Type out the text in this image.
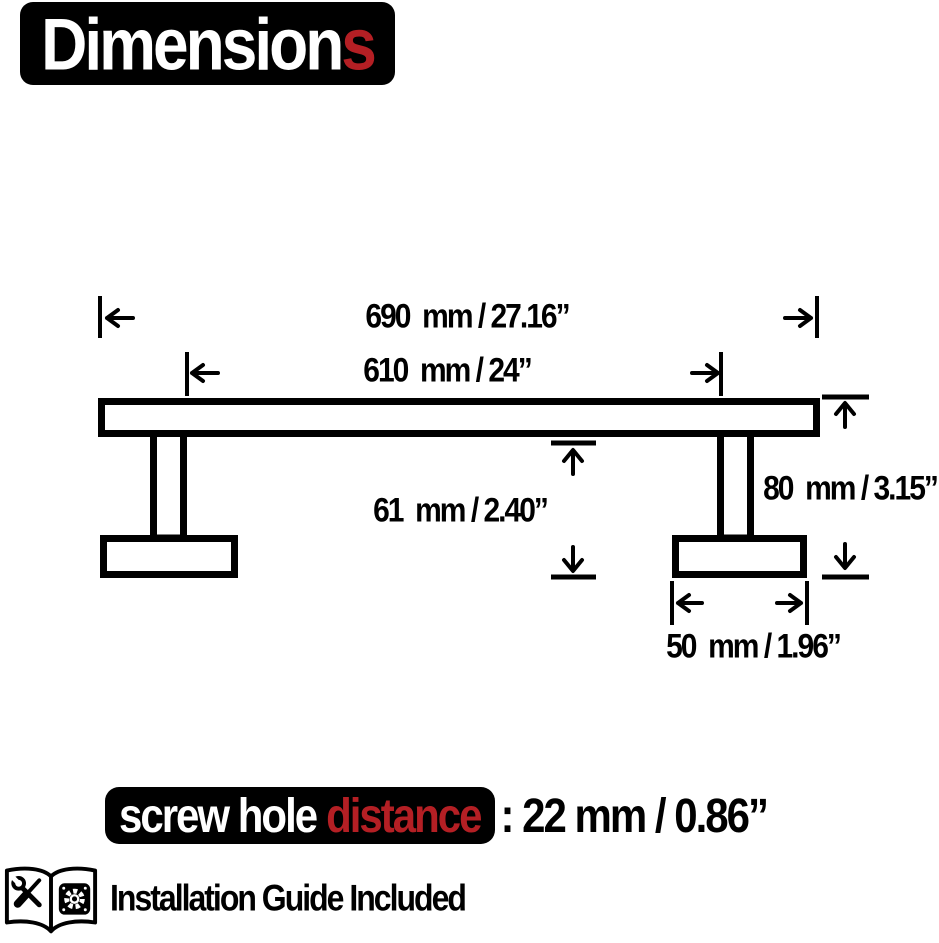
Dimensions
690  mm / 27.16”
610  mm / 24”
61  mm / 2.40”
80  mm / 3.15”
50  mm / 1.96”
screw hole distance : 22 mm / 0.86”
Installation Guide Included
